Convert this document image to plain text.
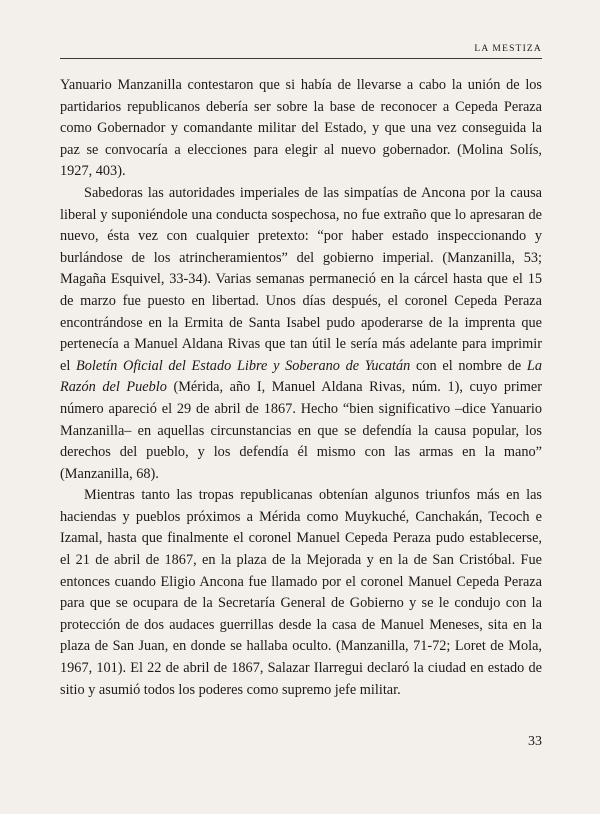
LA MESTIZA

Yanuario Manzanilla contestaron que si había de llevarse a cabo la unión de los partidarios republicanos debería ser sobre la base de reconocer a Cepeda Peraza como Gobernador y comandante militar del Estado, y que una vez conseguida la paz se convocaría a elecciones para elegir al nuevo gobernador. (Molina Solís, 1927, 403).

Sabedoras las autoridades imperiales de las simpatías de Ancona por la causa liberal y suponiéndole una conducta sospechosa, no fue extraño que lo apresaran de nuevo, ésta vez con cualquier pretexto: “por haber estado inspeccionando y burlándose de los atrincheramientos” del gobierno imperial. (Manzanilla, 53; Magaña Esquivel, 33-34). Varias semanas permaneció en la cárcel hasta que el 15 de marzo fue puesto en libertad. Unos días después, el coronel Cepeda Peraza encontrándose en la Ermita de Santa Isabel pudo apoderarse de la imprenta que pertenecía a Manuel Aldana Rivas que tan útil le sería más adelante para imprimir el Boletín Oficial del Estado Libre y Soberano de Yucatán con el nombre de La Razón del Pueblo (Mérida, año I, Manuel Aldana Rivas, núm. 1), cuyo primer número apareció el 29 de abril de 1867. Hecho “bien significativo –dice Yanuario Manzanilla– en aquellas circunstancias en que se defendía la causa popular, los derechos del pueblo, y los defendía él mismo con las armas en la mano” (Manzanilla, 68).

Mientras tanto las tropas republicanas obtenían algunos triunfos más en las haciendas y pueblos próximos a Mérida como Muykuché, Canchakán, Tecoch e Izamal, hasta que finalmente el coronel Manuel Cepeda Peraza pudo establecerse, el 21 de abril de 1867, en la plaza de la Mejorada y en la de San Cristóbal. Fue entonces cuando Eligio Ancona fue llamado por el coronel Manuel Cepeda Peraza para que se ocupara de la Secretaría General de Gobierno y se le condujo con la protección de dos audaces guerrillas desde la casa de Manuel Meneses, sita en la plaza de San Juan, en donde se hallaba oculto. (Manzanilla, 71-72; Loret de Mola, 1967, 101). El 22 de abril de 1867, Salazar Ilarregui declaró la ciudad en estado de sitio y asumió todos los poderes como supremo jefe militar.

33
